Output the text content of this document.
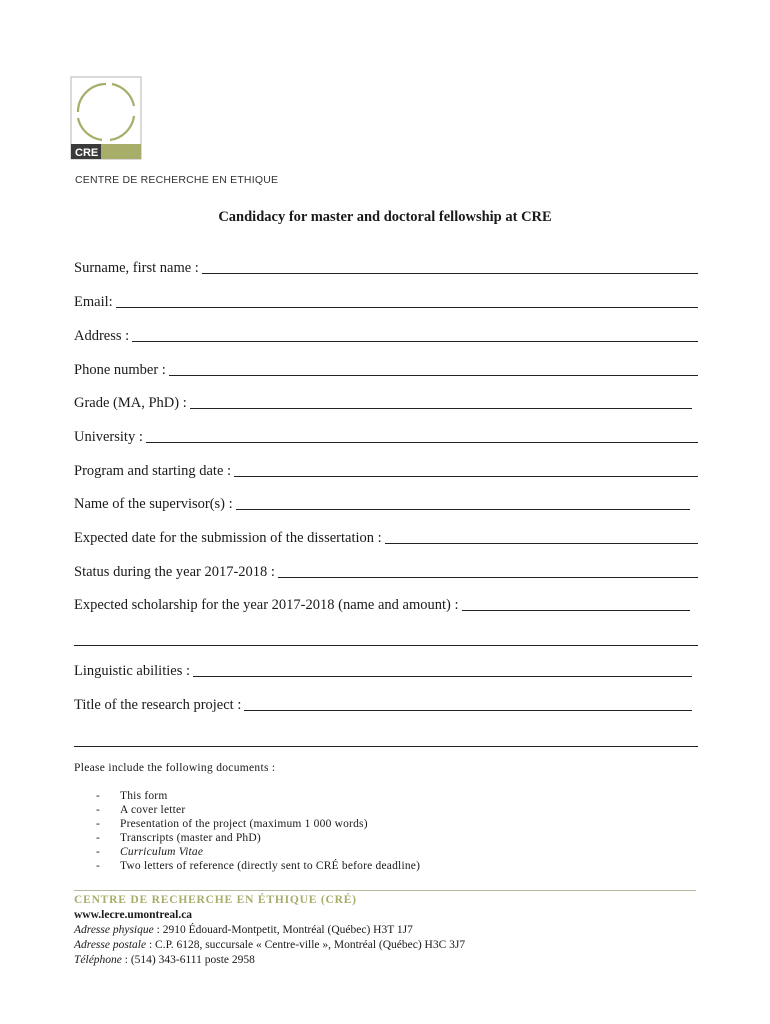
CRE
CENTRE DE RECHERCHE EN ETHIQUE
Candidacy for master and doctoral fellowship at CRE
Surname, first name :
Email:
Address :
Phone number :
Grade (MA, PhD) :
University :
Program and starting date :
Name of the supervisor(s) :
Expected date for the submission of the dissertation :
Status during the year 2017-2018 :
Expected scholarship for the year 2017-2018 (name and amount) :
Linguistic abilities :
Title of the research project :
Please include the following documents :
-	This form
-	A cover letter
-	Presentation of the project (maximum 1 000 words)
-	Transcripts (master and PhD)
-	Curriculum Vitae
-	Two letters of reference (directly sent to CRÉ before deadline)
CENTRE DE RECHERCHE EN ÉTHIQUE (CRÉ)
www.lecre.umontreal.ca
Adresse physique : 2910 Édouard-Montpetit, Montréal (Québec) H3T 1J7
Adresse postale : C.P. 6128, succursale « Centre-ville », Montréal (Québec) H3C 3J7
Téléphone : (514) 343-6111 poste 2958
